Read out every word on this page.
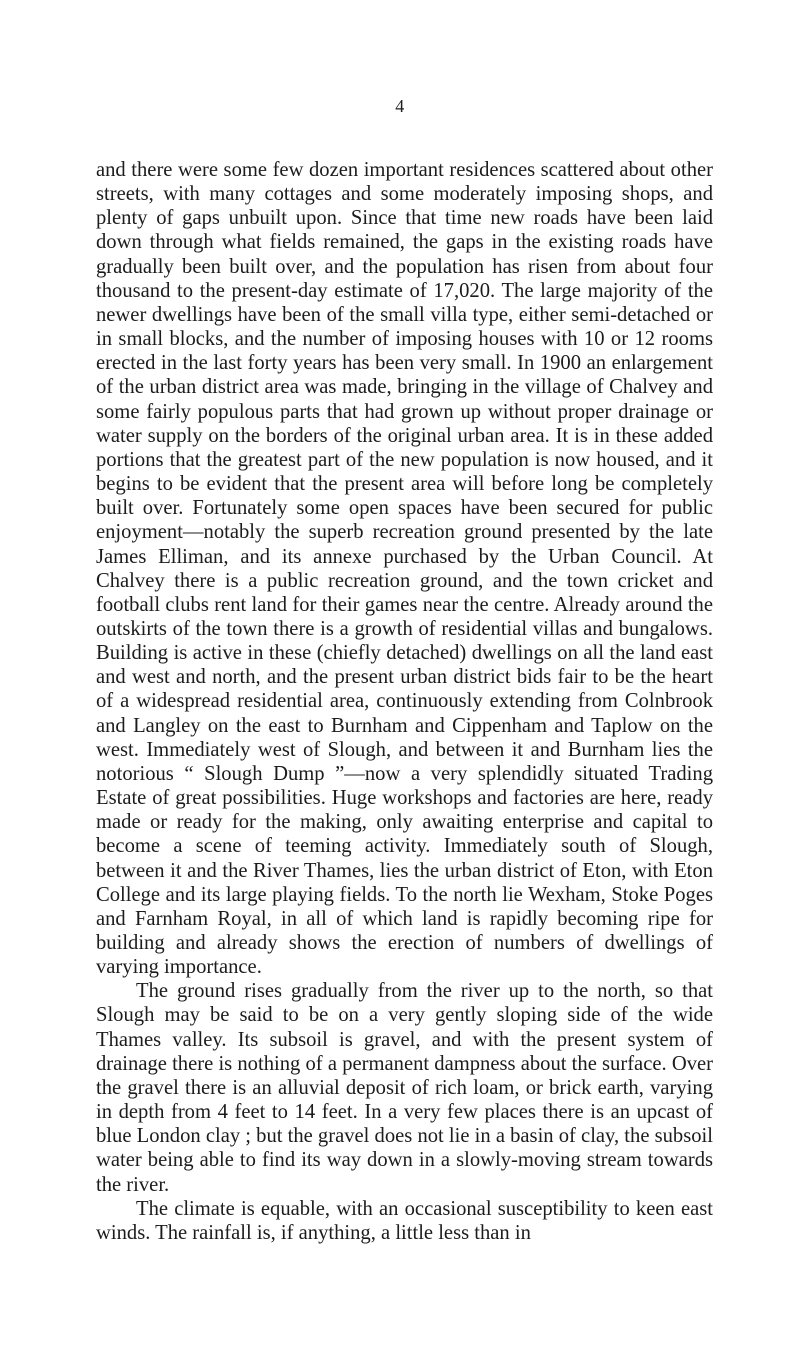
4

and there were some few dozen important residences scattered about other streets, with many cottages and some moderately imposing shops, and plenty of gaps unbuilt upon. Since that time new roads have been laid down through what fields remained, the gaps in the existing roads have gradually been built over, and the population has risen from about four thousand to the present-day estimate of 17,020. The large majority of the newer dwellings have been of the small villa type, either semi-detached or in small blocks, and the number of imposing houses with 10 or 12 rooms erected in the last forty years has been very small. In 1900 an enlargement of the urban district area was made, bringing in the village of Chalvey and some fairly populous parts that had grown up without proper drainage or water supply on the borders of the original urban area. It is in these added portions that the greatest part of the new population is now housed, and it begins to be evident that the present area will before long be completely built over. Fortunately some open spaces have been secured for public enjoyment—notably the superb recreation ground presented by the late James Elliman, and its annexe purchased by the Urban Council. At Chalvey there is a public recreation ground, and the town cricket and football clubs rent land for their games near the centre. Already around the outskirts of the town there is a growth of residential villas and bungalows. Building is active in these (chiefly detached) dwellings on all the land east and west and north, and the present urban district bids fair to be the heart of a widespread residential area, continuously extending from Colnbrook and Langley on the east to Burnham and Cippenham and Taplow on the west. Immediately west of Slough, and between it and Burnham lies the notorious “ Slough Dump ”—now a very splendidly situated Trading Estate of great possibilities. Huge workshops and factories are here, ready made or ready for the making, only awaiting enterprise and capital to become a scene of teeming activity. Immediately south of Slough, between it and the River Thames, lies the urban district of Eton, with Eton College and its large playing fields. To the north lie Wexham, Stoke Poges and Farnham Royal, in all of which land is rapidly becoming ripe for building and already shows the erection of numbers of dwellings of varying importance.

The ground rises gradually from the river up to the north, so that Slough may be said to be on a very gently sloping side of the wide Thames valley. Its subsoil is gravel, and with the present system of drainage there is nothing of a permanent dampness about the surface. Over the gravel there is an alluvial deposit of rich loam, or brick earth, varying in depth from 4 feet to 14 feet. In a very few places there is an upcast of blue London clay ; but the gravel does not lie in a basin of clay, the subsoil water being able to find its way down in a slowly-moving stream towards the river.

The climate is equable, with an occasional susceptibility to keen east winds. The rainfall is, if anything, a little less than in
